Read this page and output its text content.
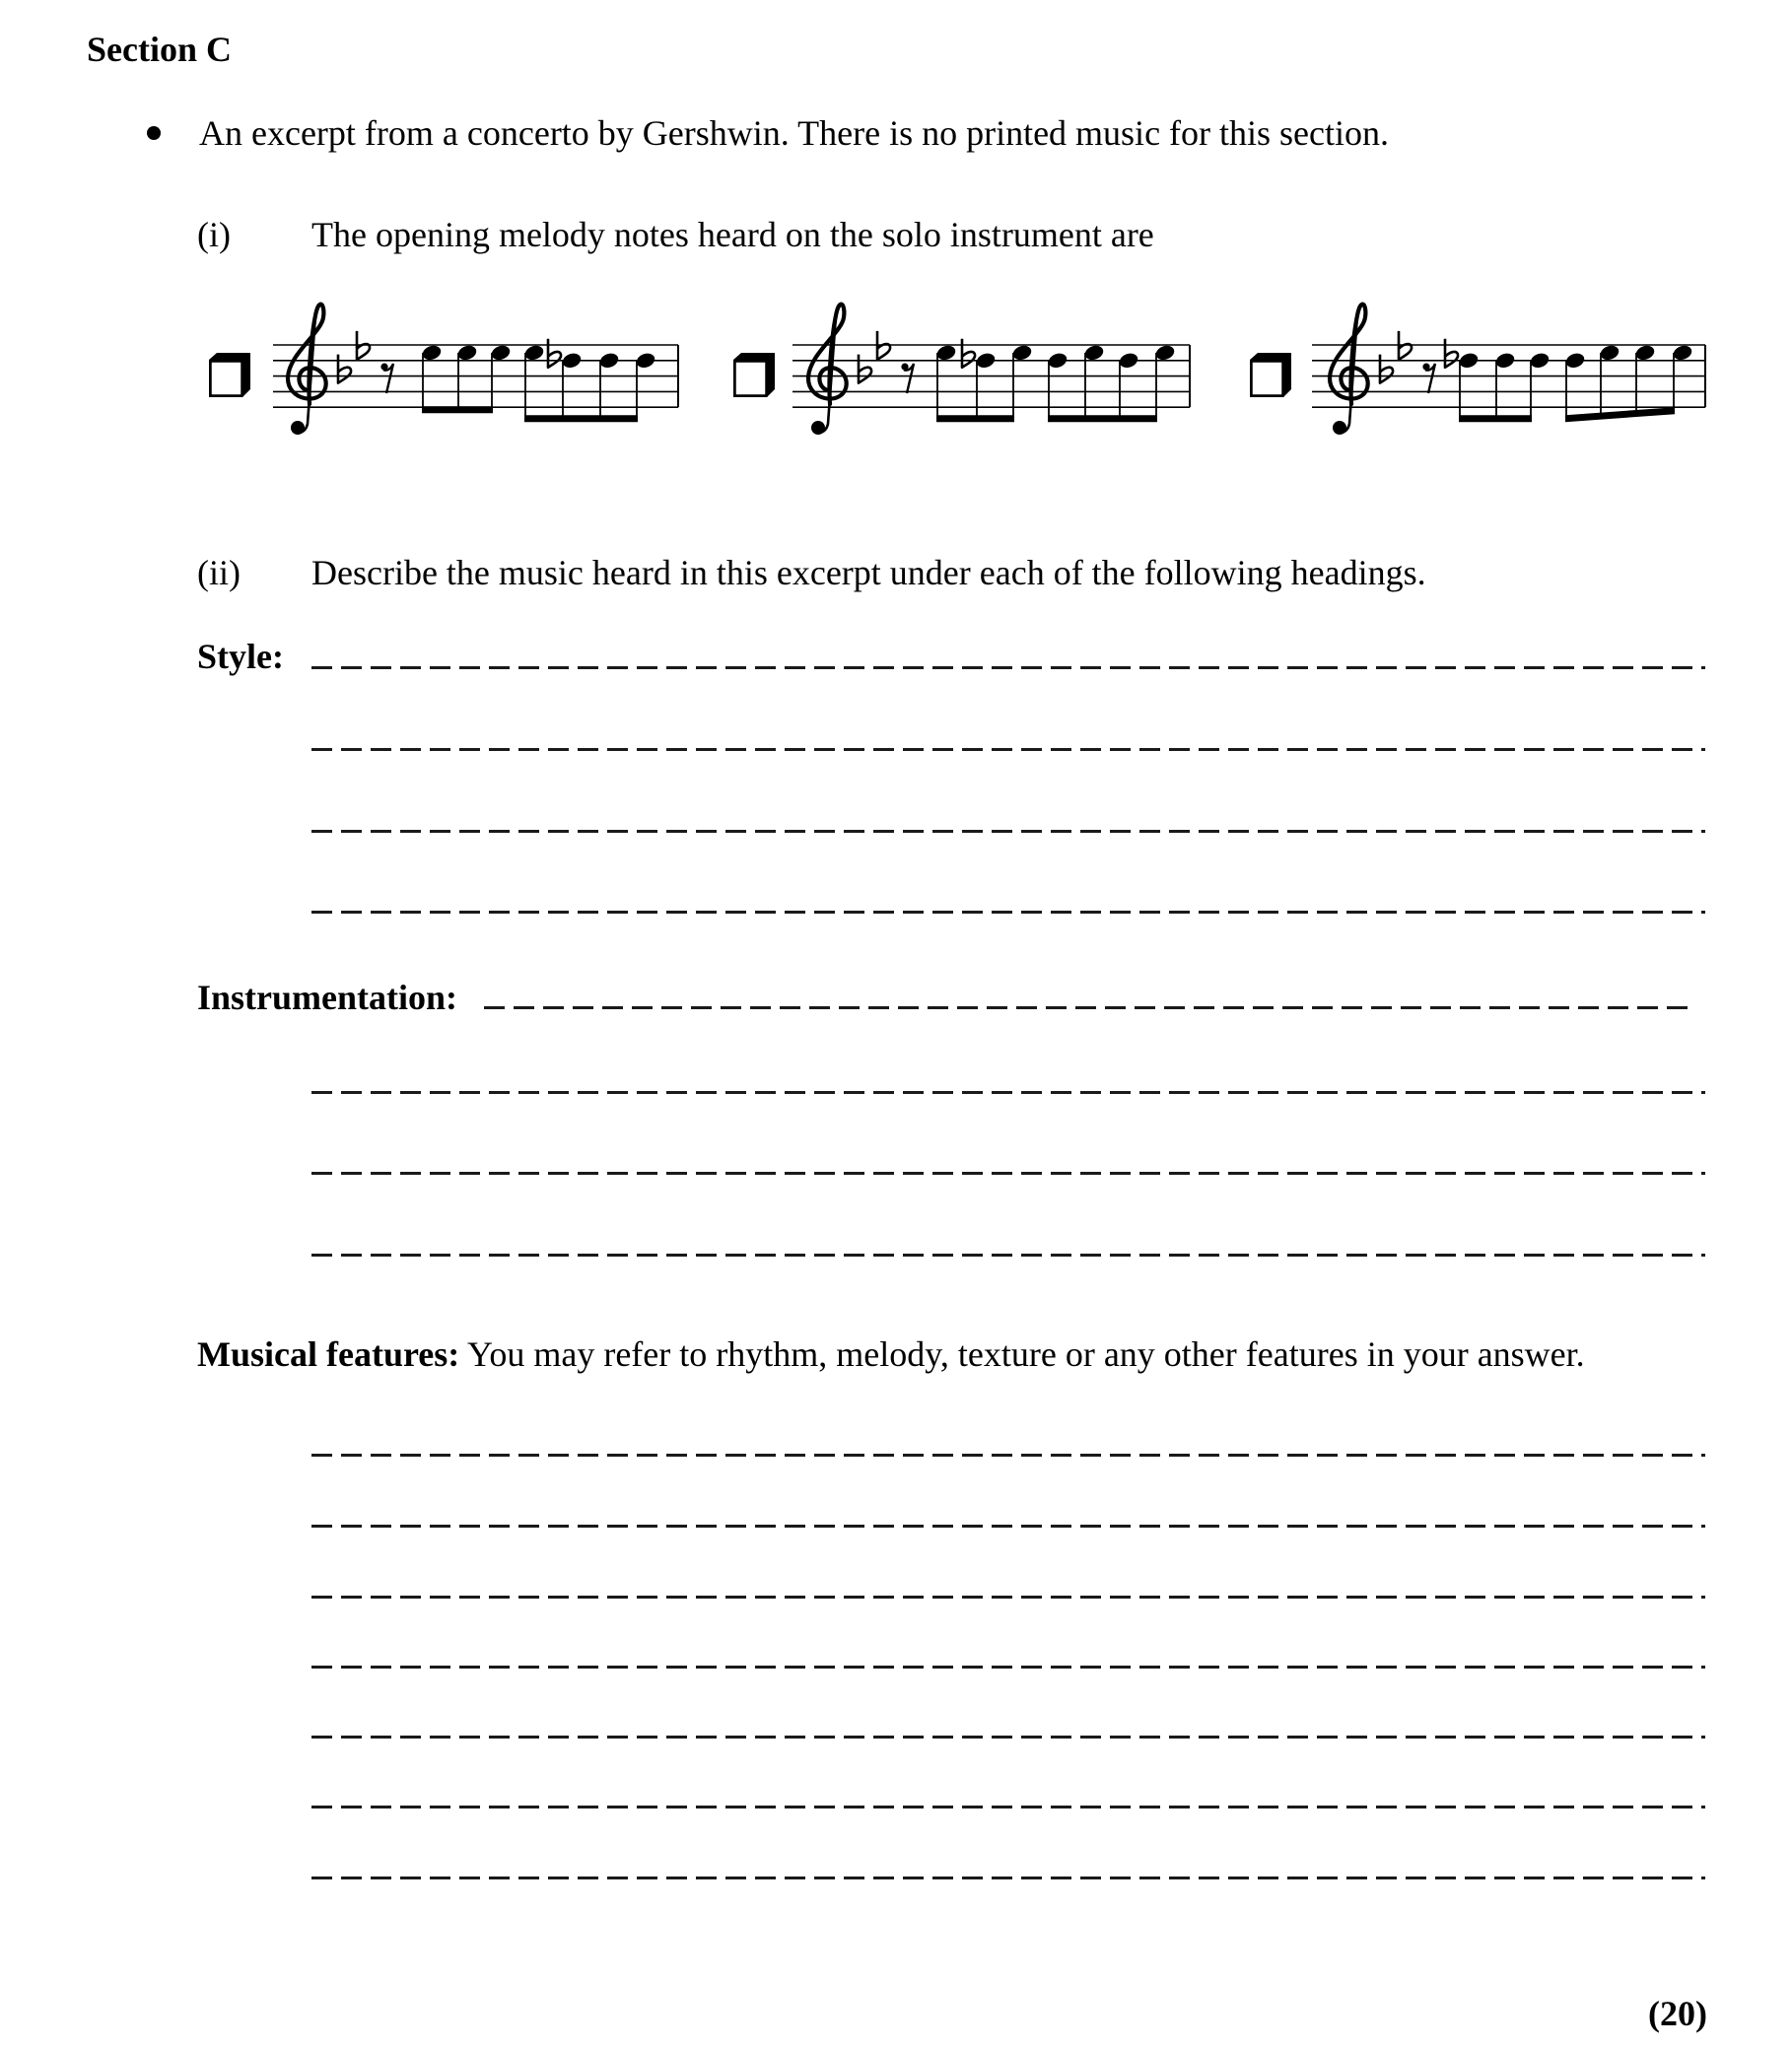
Section C
An excerpt from a concerto by Gershwin. There is no printed music for this section.
(i) The opening melody notes heard on the solo instrument are
(ii) Describe the music heard in this excerpt under each of the following headings.
Style:
Instrumentation:
Musical features: You may refer to rhythm, melody, texture or any other features in your answer.
(20)
